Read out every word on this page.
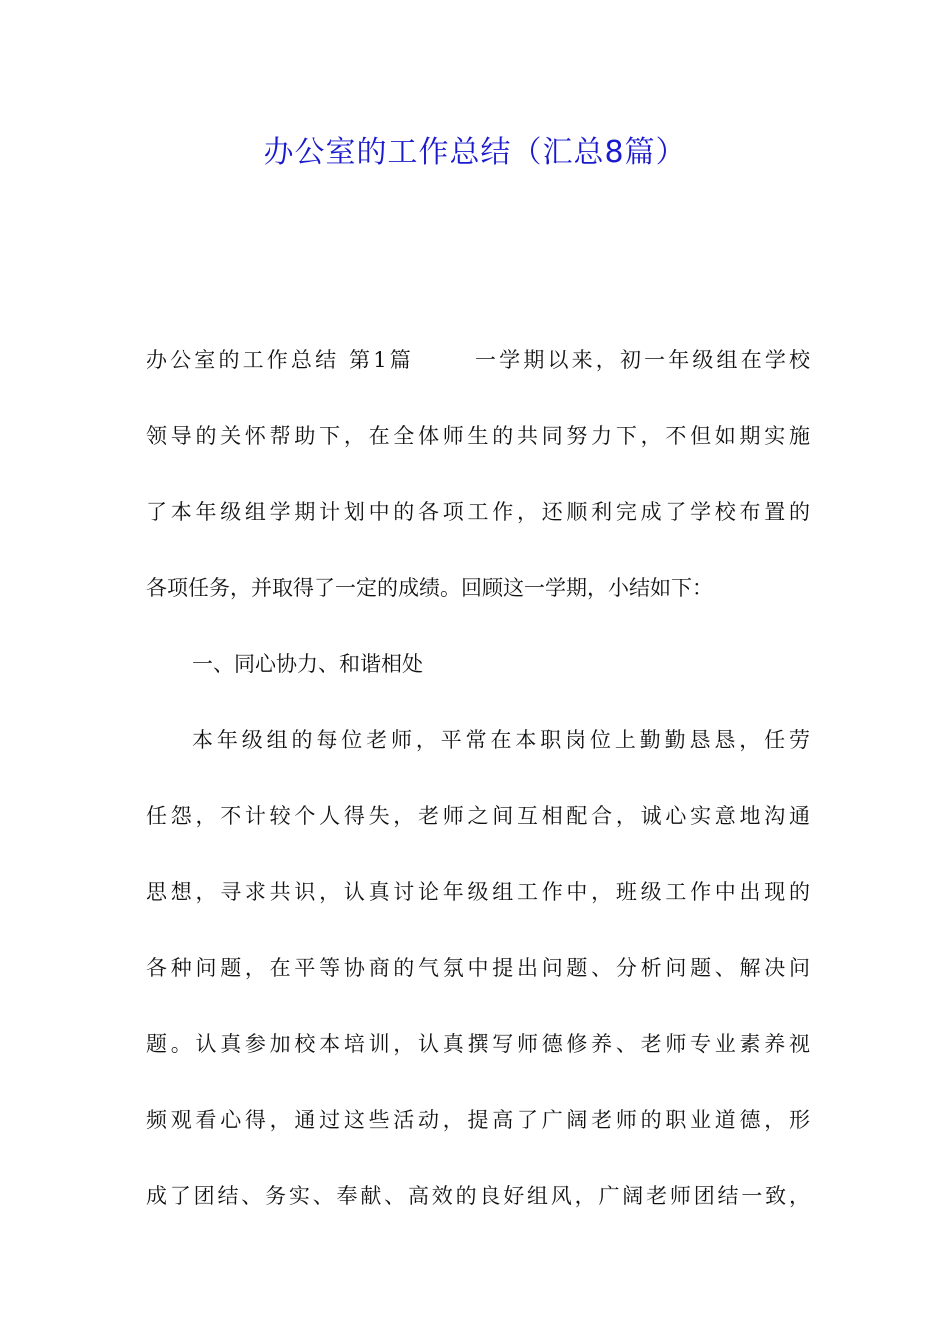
办公室的工作总结（汇总8篇）
办公室的工作总结 第1篇	一学期以来，初一年级组在学校
领导的关怀帮助下，在全体师生的共同努力下，不但如期实施
了本年级组学期计划中的各项工作，还顺利完成了学校布置的
各项任务，并取得了一定的成绩。回顾这一学期，小结如下：
一、同心协力、和谐相处
本年级组的每位老师，平常在本职岗位上勤勤恳恳，任劳
任怨，不计较个人得失，老师之间互相配合，诚心实意地沟通
思想，寻求共识，认真讨论年级组工作中，班级工作中出现的
各种问题，在平等协商的气氛中提出问题、分析问题、解决问
题。认真参加校本培训，认真撰写师德修养、老师专业素养视
频观看心得，通过这些活动，提高了广阔老师的职业道德，形
成了团结、务实、奉献、高效的良好组风，广阔老师团结一致，
